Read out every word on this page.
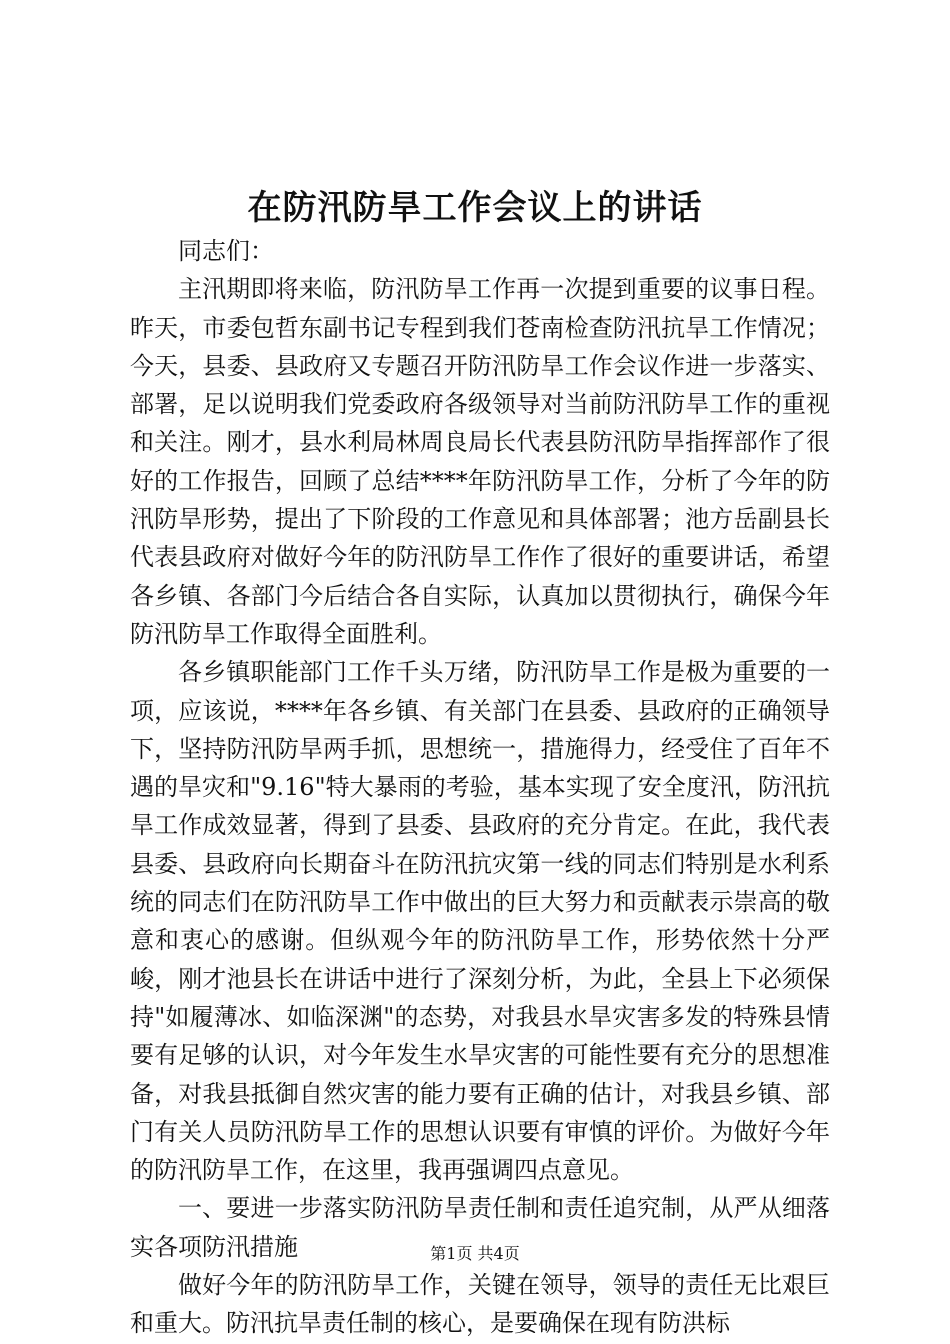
在防汛防旱工作会议上的讲话

同志们：

主汛期即将来临，防汛防旱工作再一次提到重要的议事日程。昨天，市委包哲东副书记专程到我们苍南检查防汛抗旱工作情况；今天，县委、县政府又专题召开防汛防旱工作会议作进一步落实、部署，足以说明我们党委政府各级领导对当前防汛防旱工作的重视和关注。刚才，县水利局林周良局长代表县防汛防旱指挥部作了很好的工作报告，回顾了总结****年防汛防旱工作，分析了今年的防汛防旱形势，提出了下阶段的工作意见和具体部署；池方岳副县长代表县政府对做好今年的防汛防旱工作作了很好的重要讲话，希望各乡镇、各部门今后结合各自实际，认真加以贯彻执行，确保今年防汛防旱工作取得全面胜利。

各乡镇职能部门工作千头万绪，防汛防旱工作是极为重要的一项，应该说，****年各乡镇、有关部门在县委、县政府的正确领导下，坚持防汛防旱两手抓，思想统一，措施得力，经受住了百年不遇的旱灾和"9.16"特大暴雨的考验，基本实现了安全度汛，防汛抗旱工作成效显著，得到了县委、县政府的充分肯定。在此，我代表县委、县政府向长期奋斗在防汛抗灾第一线的同志们特别是水利系统的同志们在防汛防旱工作中做出的巨大努力和贡献表示崇高的敬意和衷心的感谢。但纵观今年的防汛防旱工作，形势依然十分严峻，刚才池县长在讲话中进行了深刻分析，为此，全县上下必须保持"如履薄冰、如临深渊"的态势，对我县水旱灾害多发的特殊县情要有足够的认识，对今年发生水旱灾害的可能性要有充分的思想准备，对我县抵御自然灾害的能力要有正确的估计，对我县乡镇、部门有关人员防汛防旱工作的思想认识要有审慎的评价。为做好今年的防汛防旱工作，在这里，我再强调四点意见。

一、要进一步落实防汛防旱责任制和责任追究制，从严从细落实各项防汛措施

做好今年的防汛防旱工作，关键在领导，领导的责任无比艰巨和重大。防汛抗旱责任制的核心，是要确保在现有防洪标

第1页 共4页
